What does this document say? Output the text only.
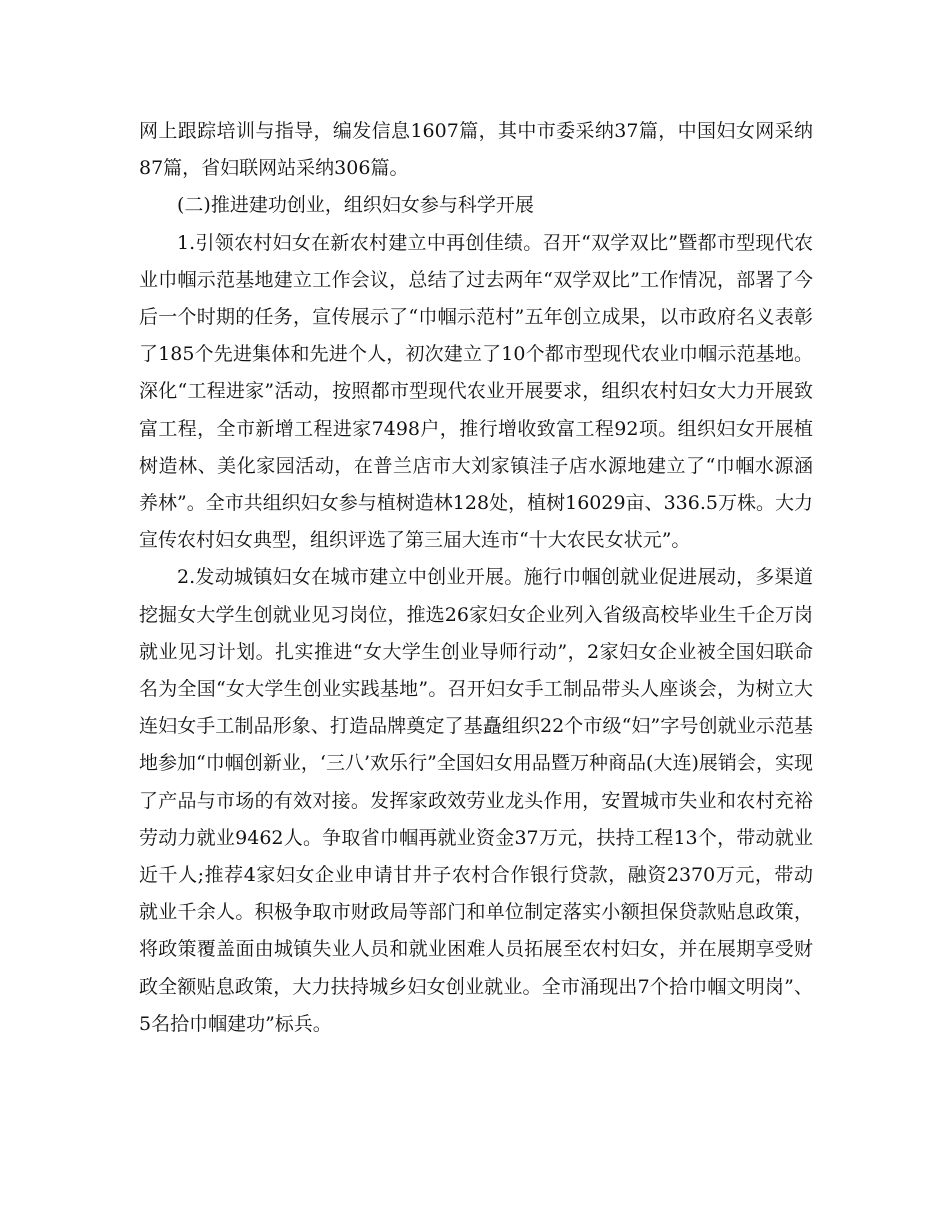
网上跟踪培训与指导，编发信息1607篇，其中市委采纳37篇，中国妇女网采纳87篇，省妇联网站采纳306篇。

(二)推进建功创业，组织妇女参与科学开展

1.引领农村妇女在新农村建立中再创佳绩。召开“双学双比”暨都市型现代农业巾帼示范基地建立工作会议，总结了过去两年“双学双比”工作情况，部署了今后一个时期的任务，宣传展示了“巾帼示范村”五年创立成果，以市政府名义表彰了185个先进集体和先进个人，初次建立了10个都市型现代农业巾帼示范基地。深化“工程进家”活动，按照都市型现代农业开展要求，组织农村妇女大力开展致富工程，全市新增工程进家7498户，推行增收致富工程92项。组织妇女开展植树造林、美化家园活动，在普兰店市大刘家镇洼子店水源地建立了“巾帼水源涵养林”。全市共组织妇女参与植树造林128处，植树16029亩、336.5万株。大力宣传农村妇女典型，组织评选了第三届大连市“十大农民女状元”。

2.发动城镇妇女在城市建立中创业开展。施行巾帼创就业促进展动，多渠道挖掘女大学生创就业见习岗位，推选26家妇女企业列入省级高校毕业生千企万岗就业见习计划。扎实推进“女大学生创业导师行动”，2家妇女企业被全国妇联命名为全国“女大学生创业实践基地”。召开妇女手工制品带头人座谈会，为树立大连妇女手工制品形象、打造品牌奠定了基矗组织22个市级“妇”字号创就业示范基地参加“巾帼创新业，‘三八’欢乐行”全国妇女用品暨万种商品(大连)展销会，实现了产品与市场的有效对接。发挥家政效劳业龙头作用，安置城市失业和农村充裕劳动力就业9462人。争取省巾帼再就业资金37万元，扶持工程13个，带动就业近千人;推荐4家妇女企业申请甘井子农村合作银行贷款，融资2370万元，带动就业千余人。积极争取市财政局等部门和单位制定落实小额担保贷款贴息政策，将政策覆盖面由城镇失业人员和就业困难人员拓展至农村妇女，并在展期享受财政全额贴息政策，大力扶持城乡妇女创业就业。全市涌现出7个拾巾帼文明岗”、5名拾巾帼建功”标兵。
